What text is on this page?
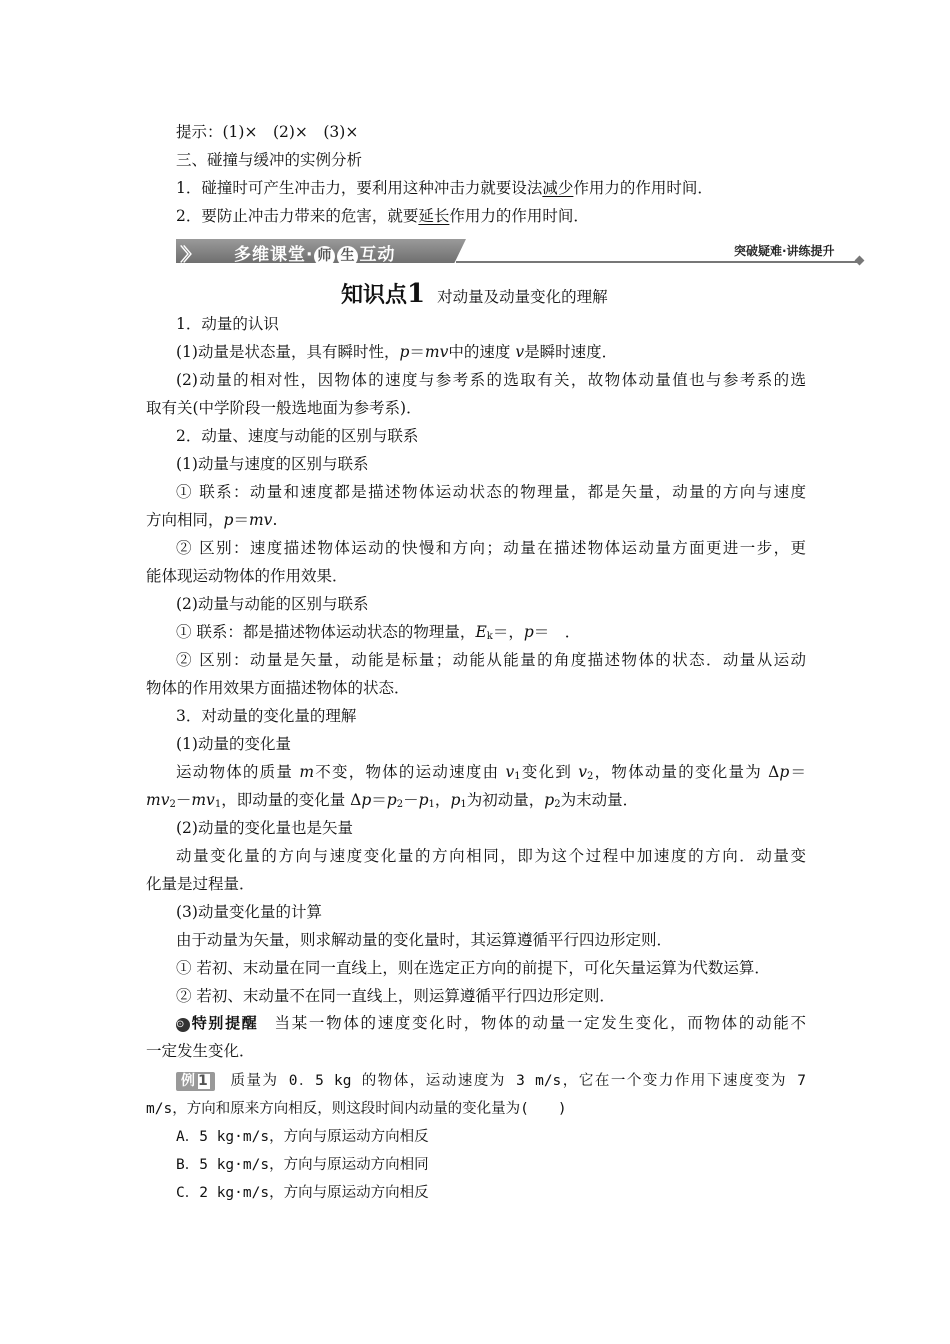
提示：(1)×　(2)×　(3)×
三、碰撞与缓冲的实例分析
1．碰撞时可产生冲击力，要利用这种冲击力就要设法减少作用力的作用时间．
2．要防止冲击力带来的危害，就要延长作用力的作用时间．
〉〉 多维课堂· 师 生 互动	突破疑难·讲练提升
知识点1 对动量及动量变化的理解
1．动量的认识
(1)动量是状态量，具有瞬时性，p＝mv中的速度 v是瞬时速度．
(2)动量的相对性，因物体的速度与参考系的选取有关，故物体动量值也与参考系的选
取有关(中学阶段一般选地面为参考系)．
2．动量、速度与动能的区别与联系
(1)动量与速度的区别与联系
① 联系：动量和速度都是描述物体运动状态的物理量，都是矢量，动量的方向与速度
方向相同，p＝mv.
② 区别：速度描述物体运动的快慢和方向；动量在描述物体运动量方面更进一步，更
能体现运动物体的作用效果．
(2)动量与动能的区别与联系
① 联系：都是描述物体运动状态的物理量，$E_k=$，p＝　．
② 区别：动量是矢量，动能是标量；动能从能量的角度描述物体的状态．动量从运动
物体的作用效果方面描述物体的状态．
3．对动量的变化量的理解
(1)动量的变化量
运动物体的质量 m不变，物体的运动速度由 $v_1$变化到 $v_2$，物体动量的变化量为 Δp＝
$mv_2-mv_1$，即动量的变化量 $\Delta p=p_2-p_1$，$p_1$为初动量，$p_2$为末动量．
(2)动量的变化量也是矢量
动量变化量的方向与速度变化量的方向相同，即为这个过程中加速度的方向．动量变
化量是过程量．
(3)动量变化量的计算
由于动量为矢量，则求解动量的变化量时，其运算遵循平行四边形定则．
① 若初、末动量在同一直线上，则在选定正方向的前提下，可化矢量运算为代数运算．
② 若初、末动量不在同一直线上，则运算遵循平行四边形定则．
⊙ 特别提醒 当某一物体的速度变化时，物体的动量一定发生变化，而物体的动能不
一定发生变化．
例 1 质量为 0．5 kg 的物体，运动速度为 3 m/s，它在一个变力作用下速度变为 7
m/s，方向和原来方向相反，则这段时间内动量的变化量为(　　)
A．5 kg·m/s，方向与原运动方向相反
B．5 kg·m/s，方向与原运动方向相同
C．2 kg·m/s，方向与原运动方向相反
